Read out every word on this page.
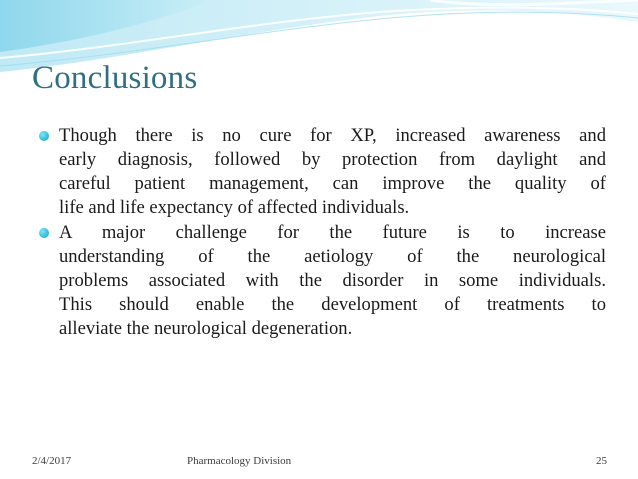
Conclusions
Though there is no cure for XP, increased awareness and
early diagnosis, followed by protection from daylight and
careful patient management, can improve the quality of
life and life expectancy of affected individuals.
A major challenge for the future is to increase
understanding of the aetiology of the neurological
problems associated with the disorder in some individuals.
This should enable the development of treatments to
alleviate the neurological degeneration.
2/4/2017	Pharmacology Division	25
